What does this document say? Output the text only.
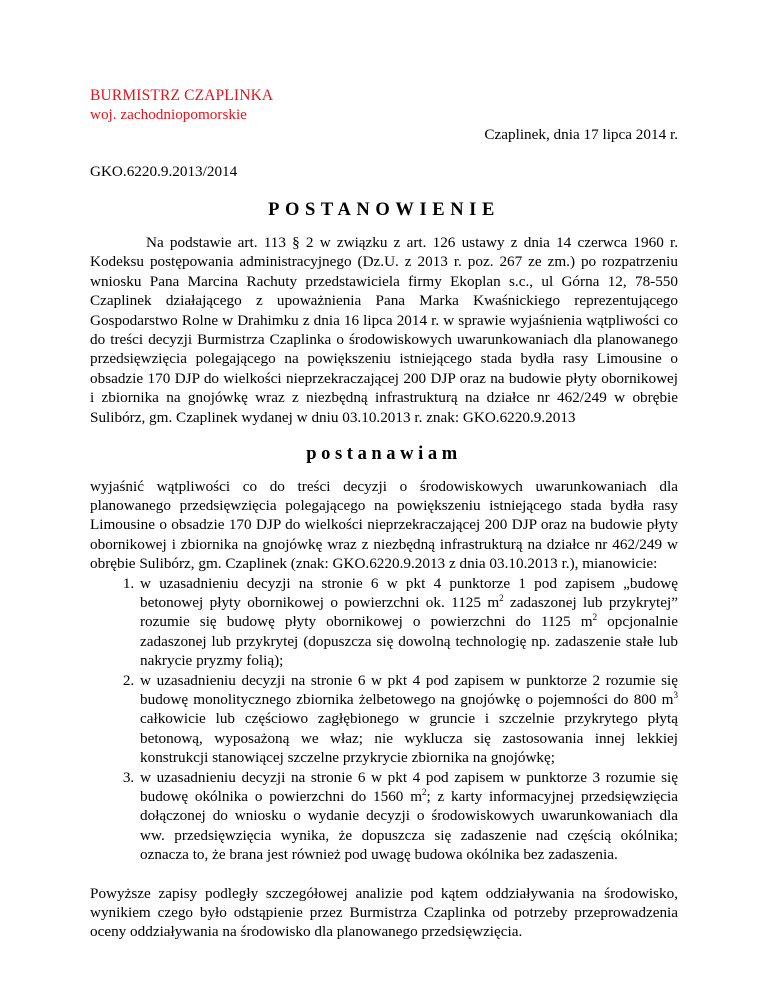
BURMISTRZ CZAPLINKA
woj. zachodniopomorskie
Czaplinek, dnia 17 lipca 2014 r.
GKO.6220.9.2013/2014
POSTANOWIENIE

Na podstawie art. 113 § 2 w związku z art. 126 ustawy z dnia 14 czerwca 1960 r. Kodeksu postępowania administracyjnego (Dz.U. z 2013 r. poz. 267 ze zm.) po rozpatrzeniu wniosku Pana Marcina Rachuty przedstawiciela firmy Ekoplan s.c., ul Górna 12, 78-550 Czaplinek działającego z upoważnienia Pana Marka Kwaśnickiego reprezentującego Gospodarstwo Rolne w Drahimku z dnia 16 lipca 2014 r. w sprawie wyjaśnienia wątpliwości co do treści decyzji Burmistrza Czaplinka o środowiskowych uwarunkowaniach dla planowanego przedsięwzięcia polegającego na powiększeniu istniejącego stada bydła rasy Limousine o obsadzie 170 DJP do wielkości nieprzekraczającej 200 DJP oraz na budowie płyty obornikowej i zbiornika na gnojówkę wraz z niezbędną infrastrukturą na działce nr 462/249 w obrębie Sulibórz, gm. Czaplinek wydanej w dniu 03.10.2013 r. znak: GKO.6220.9.2013

postanawiam

wyjaśnić wątpliwości co do treści decyzji o środowiskowych uwarunkowaniach dla planowanego przedsięwzięcia polegającego na powiększeniu istniejącego stada bydła rasy Limousine o obsadzie 170 DJP do wielkości nieprzekraczającej 200 DJP oraz na budowie płyty obornikowej i zbiornika na gnojówkę wraz z niezbędną infrastrukturą na działce nr 462/249 w obrębie Sulibórz, gm. Czaplinek (znak: GKO.6220.9.2013 z dnia 03.10.2013 r.), mianowicie:

1. w uzasadnieniu decyzji na stronie 6 w pkt 4 punktorze 1 pod zapisem „budowę betonowej płyty obornikowej o powierzchni ok. 1125 $m^2$ zadaszonej lub przykrytej” rozumie się budowę płyty obornikowej o powierzchni do 1125 $m^2$ opcjonalnie zadaszonej lub przykrytej (dopuszcza się dowolną technologię np. zadaszenie stałe lub nakrycie pryzmy folią);
2. w uzasadnieniu decyzji na stronie 6 w pkt 4 pod zapisem w punktorze 2 rozumie się budowę monolitycznego zbiornika żelbetowego na gnojówkę o pojemności do 800 $m^3$ całkowicie lub częściowo zagłębionego w gruncie i szczelnie przykrytego płytą betonową, wyposażoną we właz; nie wyklucza się zastosowania innej lekkiej konstrukcji stanowiącej szczelne przykrycie zbiornika na gnojówkę;
3. w uzasadnieniu decyzji na stronie 6 w pkt 4 pod zapisem w punktorze 3 rozumie się budowę okólnika o powierzchni do 1560 $m^2$; z karty informacyjnej przedsięwzięcia dołączonej do wniosku o wydanie decyzji o środowiskowych uwarunkowaniach dla ww. przedsięwzięcia wynika, że dopuszcza się zadaszenie nad częścią okólnika; oznacza to, że brana jest również pod uwagę budowa okólnika bez zadaszenia.

Powyższe zapisy podległy szczegółowej analizie pod kątem oddziaływania na środowisko, wynikiem czego było odstąpienie przez Burmistrza Czaplinka od potrzeby przeprowadzenia oceny oddziaływania na środowisko dla planowanego przedsięwzięcia.
